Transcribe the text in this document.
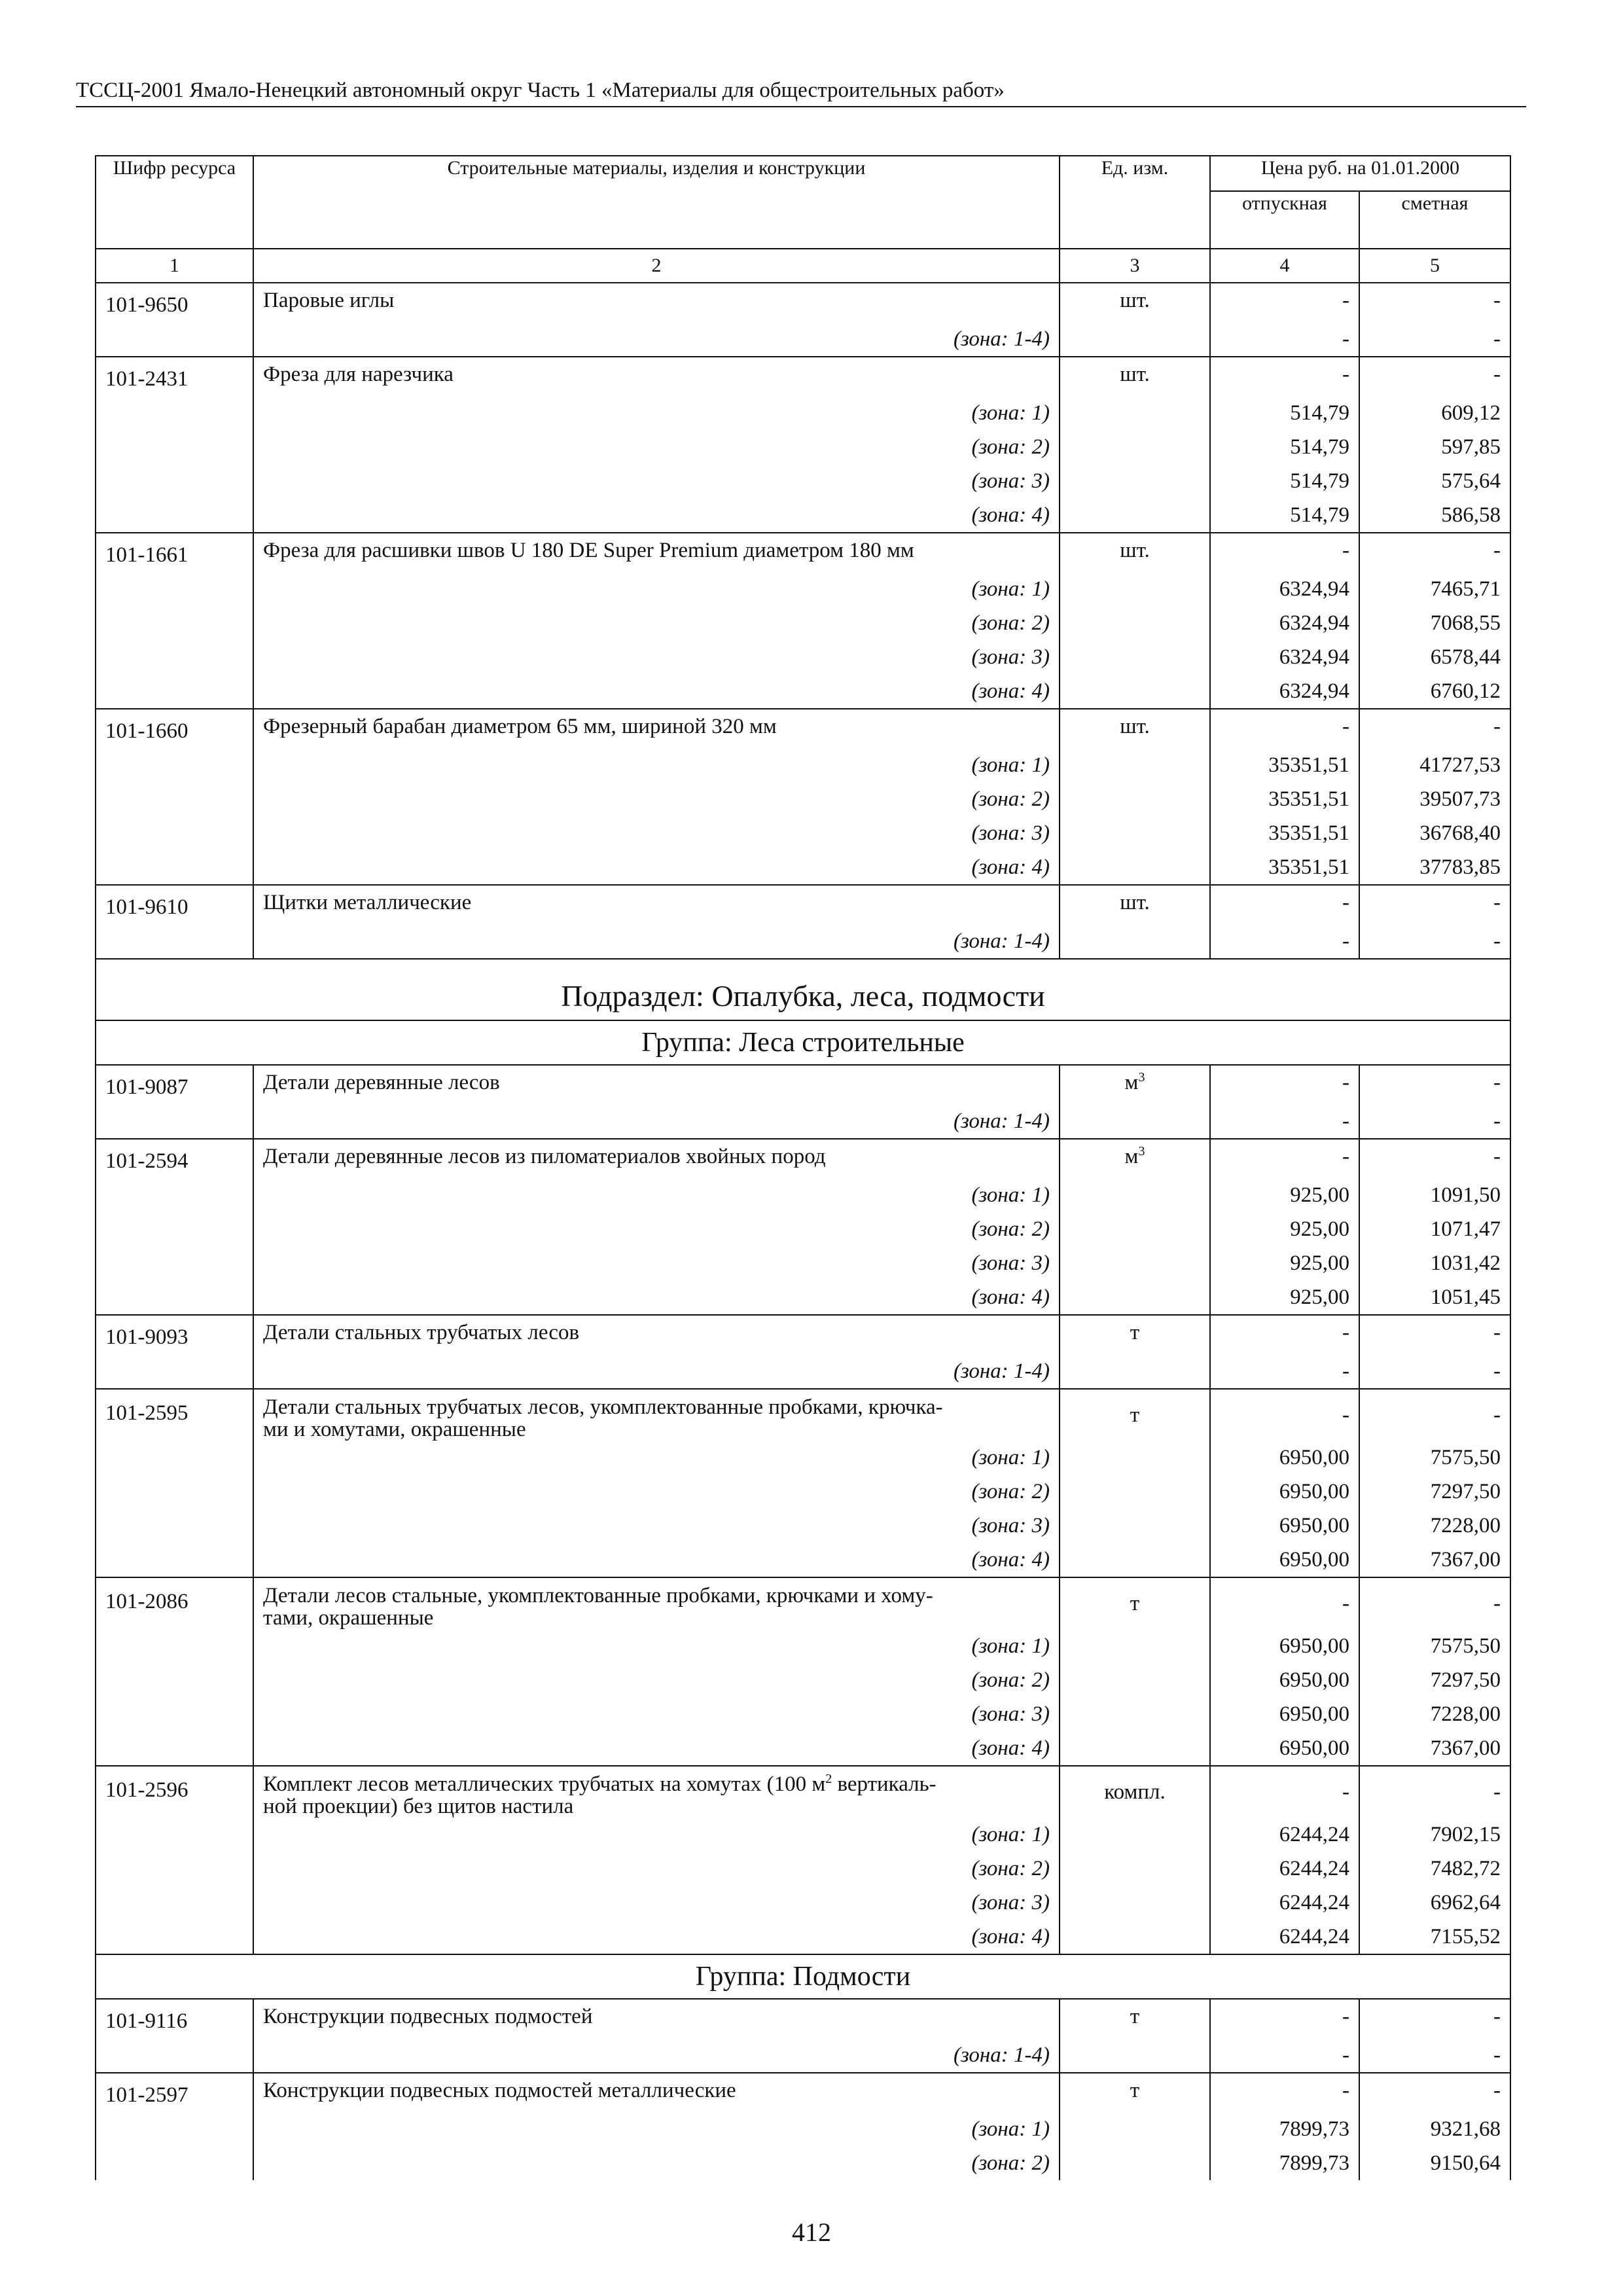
ТССЦ-2001 Ямало-Ненецкий автономный округ Часть 1 «Материалы для общестроительных работ»
Шифр ресурса	Строительные материалы, изделия и конструкции	Ед. изм.	Цена руб. на 01.01.2000	
			отпускная	сметная
1	2	3	4	5
101-9650	Паровые иглы	шт.	-	-
	(зона: 1-4)		-	-
101-2431	Фреза для нарезчика	шт.	-	-
	(зона: 1)		514,79	609,12
	(зона: 2)		514,79	597,85
	(зона: 3)		514,79	575,64
	(зона: 4)		514,79	586,58
101-1661	Фреза для расшивки швов U 180 DE Super Premium диаметром 180 мм	шт.	-	-
	(зона: 1)		6324,94	7465,71
	(зона: 2)		6324,94	7068,55
	(зона: 3)		6324,94	6578,44
	(зона: 4)		6324,94	6760,12
101-1660	Фрезерный барабан диаметром 65 мм, шириной 320 мм	шт.	-	-
	(зона: 1)		35351,51	41727,53
	(зона: 2)		35351,51	39507,73
	(зона: 3)		35351,51	36768,40
	(зона: 4)		35351,51	37783,85
101-9610	Щитки металлические	шт.	-	-
	(зона: 1-4)		-	-
Подраздел: Опалубка, леса, подмости				
Группа: Леса строительные				
101-9087	Детали деревянные лесов	$м^3$	-	-
	(зона: 1-4)		-	-
101-2594	Детали деревянные лесов из пиломатериалов хвойных пород	$м^3$	-	-
	(зона: 1)		925,00	1091,50
	(зона: 2)		925,00	1071,47
	(зона: 3)		925,00	1031,42
	(зона: 4)		925,00	1051,45
101-9093	Детали стальных трубчатых лесов	т	-	-
	(зона: 1-4)		-	-
101-2595	Детали стальных трубчатых лесов, укомплектованные пробками, крючка-
ми и хомутами, окрашенные	т	-	-
	(зона: 1)		6950,00	7575,50
	(зона: 2)		6950,00	7297,50
	(зона: 3)		6950,00	7228,00
	(зона: 4)		6950,00	7367,00
101-2086	Детали лесов стальные, укомплектованные пробками, крючками и хому-
тами, окрашенные	т	-	-
	(зона: 1)		6950,00	7575,50
	(зона: 2)		6950,00	7297,50
	(зона: 3)		6950,00	7228,00
	(зона: 4)		6950,00	7367,00
101-2596	Комплект лесов металлических трубчатых на хомутах (100 $м^2$ вертикаль-
ной проекции) без щитов настила	компл.	-	-
	(зона: 1)		6244,24	7902,15
	(зона: 2)		6244,24	7482,72
	(зона: 3)		6244,24	6962,64
	(зона: 4)		6244,24	7155,52
Группа: Подмости				
101-9116	Конструкции подвесных подмостей	т	-	-
	(зона: 1-4)		-	-
101-2597	Конструкции подвесных подмостей металлические	т	-	-
	(зона: 1)		7899,73	9321,68
	(зона: 2)		7899,73	9150,64
412
